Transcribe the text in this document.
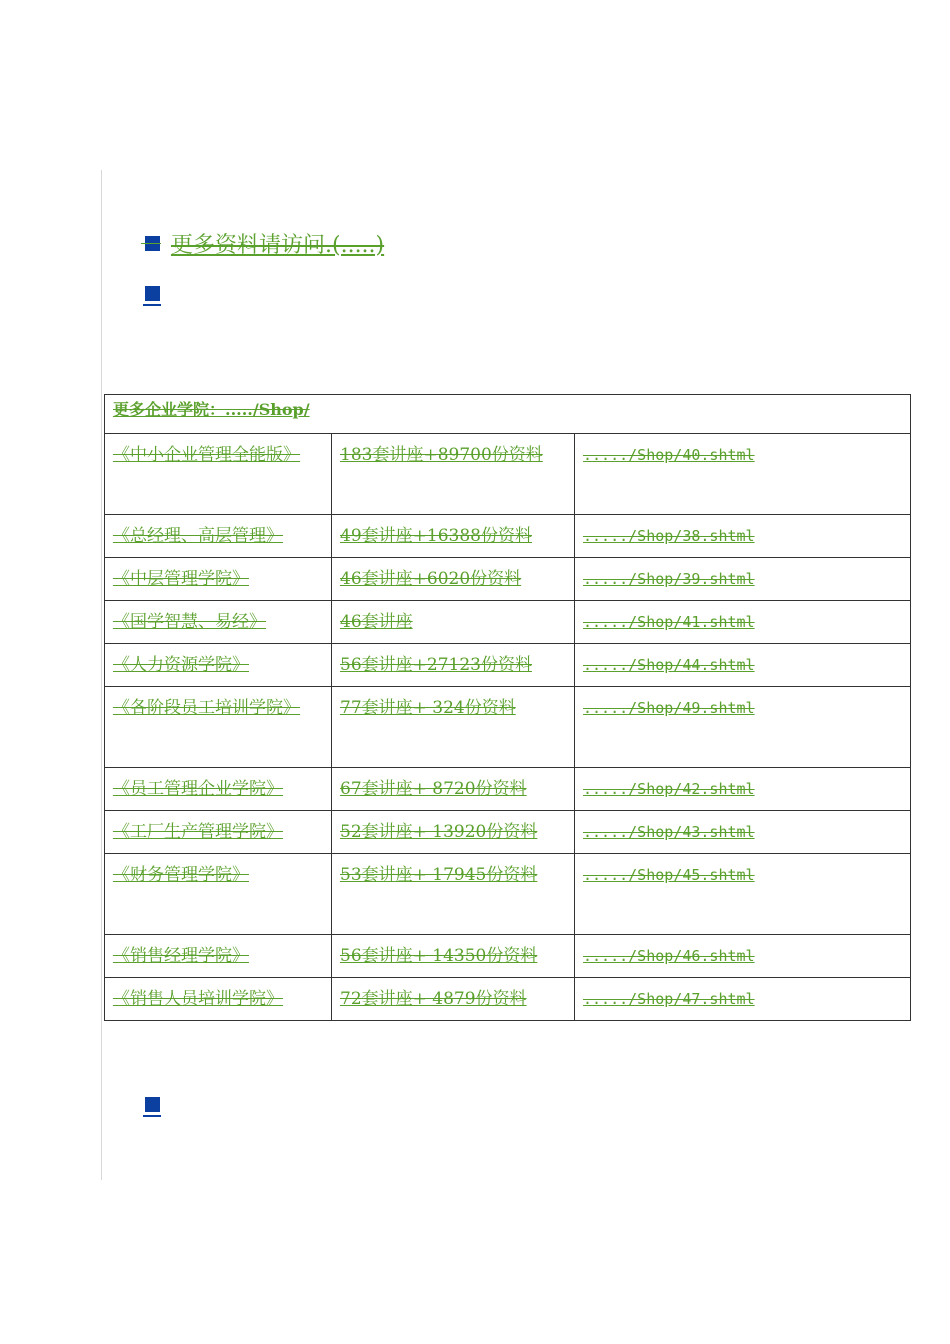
更多资料请访问.(.....)
更多企业学院：...../Shop/		
《中小企业管理全能版》	183套讲座+89700份资料	...../Shop/40.shtml
《总经理、高层管理》	49套讲座+16388份资料	...../Shop/38.shtml
《中层管理学院》	46套讲座+6020份资料	...../Shop/39.shtml
《国学智慧、易经》	46套讲座	...../Shop/41.shtml
《人力资源学院》	56套讲座+27123份资料	...../Shop/44.shtml
《各阶段员工培训学院》	77套讲座+ 324份资料	...../Shop/49.shtml
《员工管理企业学院》	67套讲座+ 8720份资料	...../Shop/42.shtml
《工厂生产管理学院》	52套讲座+ 13920份资料	...../Shop/43.shtml
《财务管理学院》	53套讲座+ 17945份资料	...../Shop/45.shtml
《销售经理学院》	56套讲座+ 14350份资料	...../Shop/46.shtml
《销售人员培训学院》	72套讲座+ 4879份资料	...../Shop/47.shtml
